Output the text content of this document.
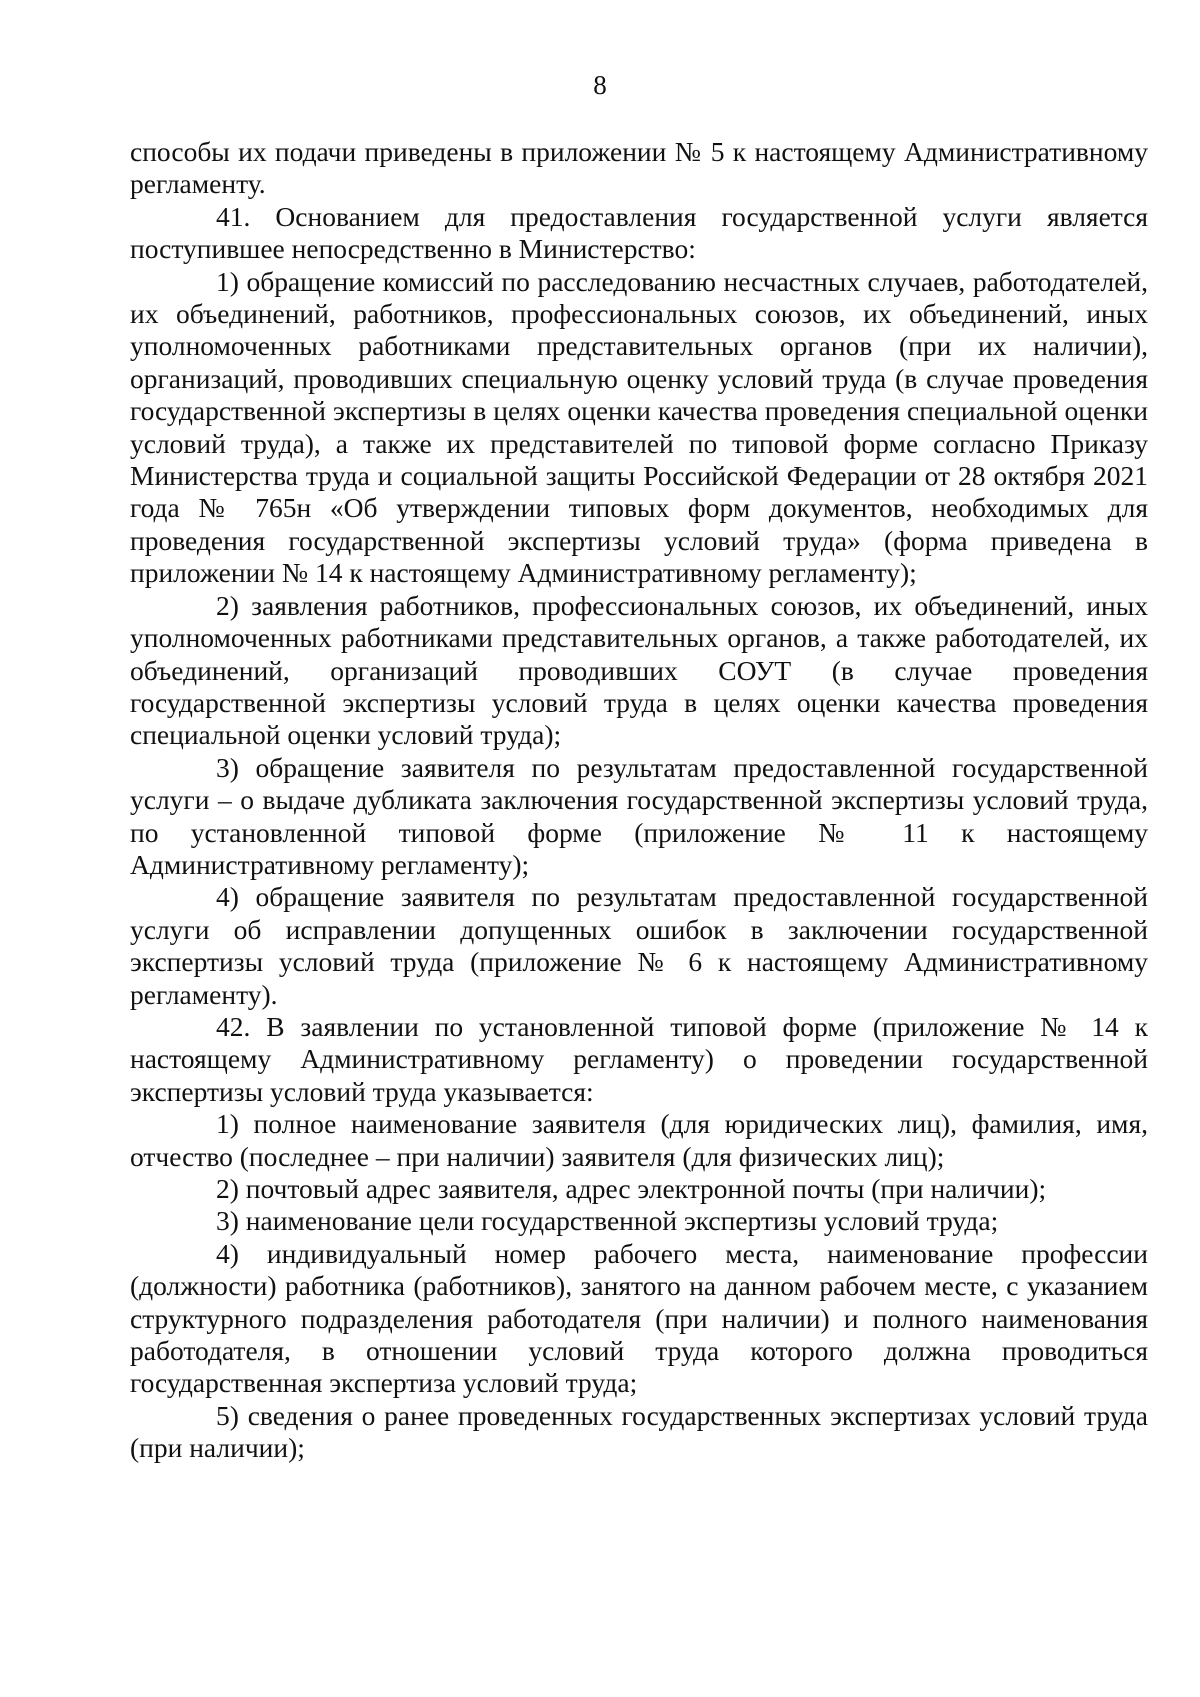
8

способы их подачи приведены в приложении № 5 к настоящему Административному регламенту.

41. Основанием для предоставления государственной услуги является поступившее непосредственно в Министерство:

1) обращение комиссий по расследованию несчастных случаев, работодателей, их объединений, работников, профессиональных союзов, их объединений, иных уполномоченных работниками представительных органов (при их наличии), организаций, проводивших специальную оценку условий труда (в случае проведения государственной экспертизы в целях оценки качества проведения специальной оценки условий труда), а также их представителей по типовой форме согласно Приказу Министерства труда и социальной защиты Российской Федерации от 28 октября 2021 года № 765н «Об утверждении типовых форм документов, необходимых для проведения государственной экспертизы условий труда» (форма приведена в приложении № 14 к настоящему Административному регламенту);

2) заявления работников, профессиональных союзов, их объединений, иных уполномоченных работниками представительных органов, а также работодателей, их объединений, организаций проводивших СОУТ (в случае проведения государственной экспертизы условий труда в целях оценки качества проведения специальной оценки условий труда);

3) обращение заявителя по результатам предоставленной государственной услуги – о выдаче дубликата заключения государственной экспертизы условий труда, по установленной типовой форме (приложение № 11 к настоящему Административному регламенту);

4) обращение заявителя по результатам предоставленной государственной услуги об исправлении допущенных ошибок в заключении государственной экспертизы условий труда (приложение № 6 к настоящему Административному регламенту).

42. В заявлении по установленной типовой форме (приложение № 14 к настоящему Административному регламенту) о проведении государственной экспертизы условий труда указывается:

1) полное наименование заявителя (для юридических лиц), фамилия, имя, отчество (последнее – при наличии) заявителя (для физических лиц);

2) почтовый адрес заявителя, адрес электронной почты (при наличии);

3) наименование цели государственной экспертизы условий труда;

4) индивидуальный номер рабочего места, наименование профессии (должности) работника (работников), занятого на данном рабочем месте, с указанием структурного подразделения работодателя (при наличии) и полного наименования работодателя, в отношении условий труда которого должна проводиться государственная экспертиза условий труда;

5) сведения о ранее проведенных государственных экспертизах условий труда (при наличии);
